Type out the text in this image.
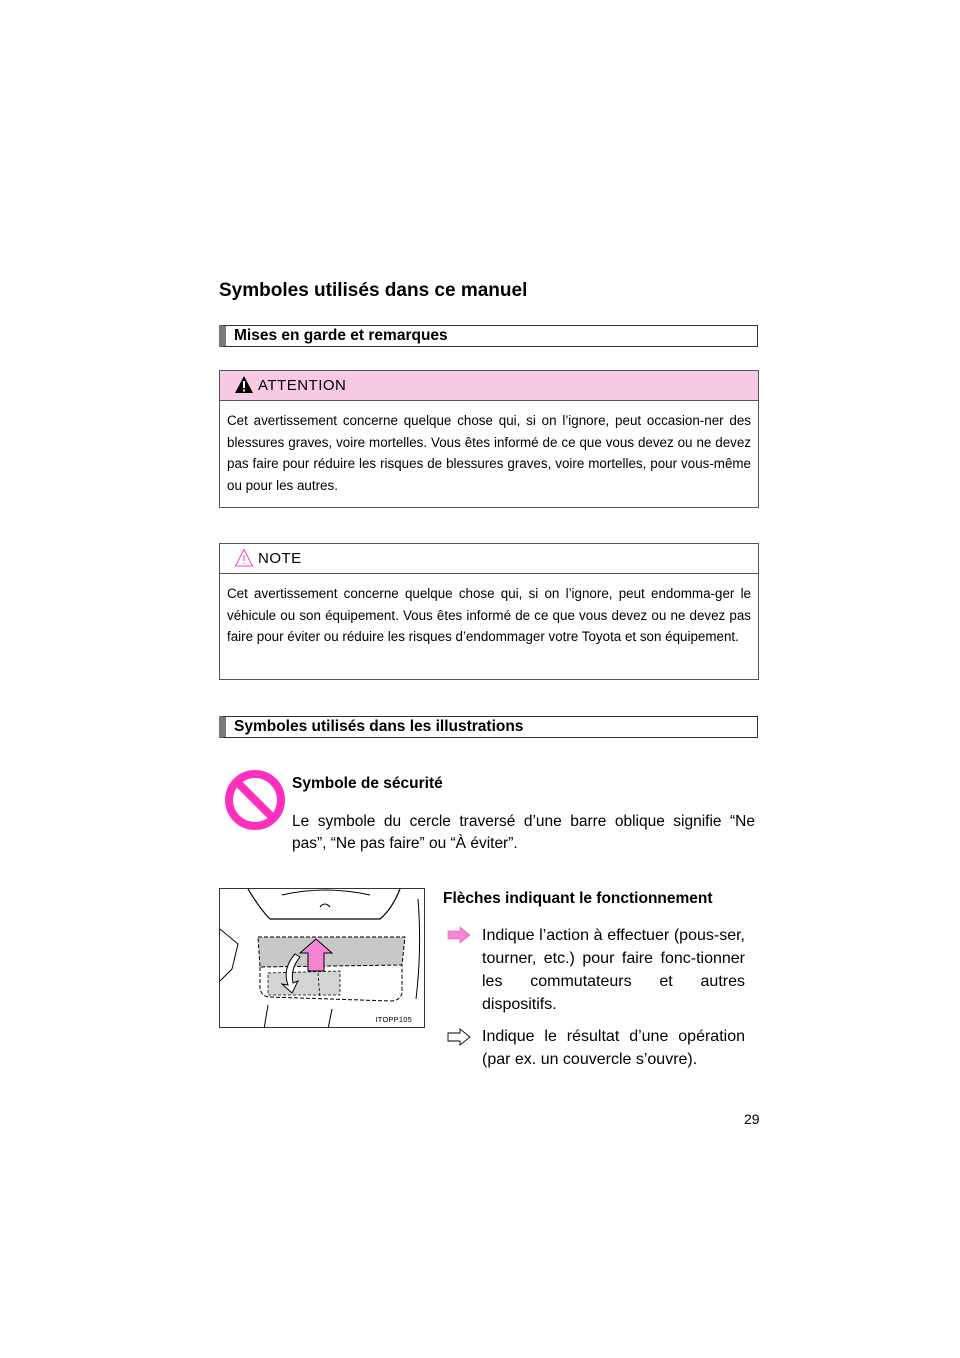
Symboles utilisés dans ce manuel
Mises en garde et remarques
ATTENTION
Cet avertissement concerne quelque chose qui, si on l’ignore, peut occasion-ner des blessures graves, voire mortelles. Vous êtes informé de ce que vous devez ou ne devez pas faire pour réduire les risques de blessures graves, voire mortelles, pour vous-même ou pour les autres.
NOTE
Cet avertissement concerne quelque chose qui, si on l’ignore, peut endomma-ger le véhicule ou son équipement. Vous êtes informé de ce que vous devez ou ne devez pas faire pour éviter ou réduire les risques d’endommager votre Toyota et son équipement.
Symboles utilisés dans les illustrations
Symbole de sécurité
Le symbole du cercle traversé d’une barre oblique signifie “Ne pas”, “Ne pas faire” ou “À éviter”.
ITOPP105
Flèches indiquant le fonctionnement
Indique l’action à effectuer (pous-ser, tourner, etc.) pour faire fonc-tionner les commutateurs et autres dispositifs.
Indique le résultat d’une opération (par ex. un couvercle s’ouvre).
29
